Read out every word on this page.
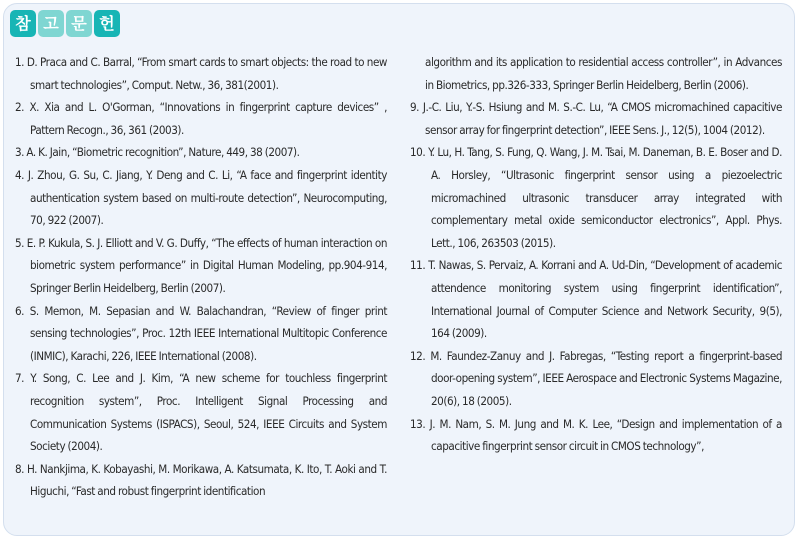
참 고 문 헌

1. D. Praca and C. Barral, “From smart cards to smart objects: the road to new smart technologies”, Comput. Netw., 36, 381(2001).

2. X. Xia and L. O'Gorman, “Innovations in fingerprint capture devices” , Pattern Recogn., 36, 361 (2003).

3. A. K. Jain, “Biometric recognition”, Nature, 449, 38 (2007).

4. J. Zhou, G. Su, C. Jiang, Y. Deng and C. Li, “A face and fingerprint identity authentication system based on multi-route detection”, Neurocomputing, 70, 922 (2007).

5. E. P. Kukula, S. J. Elliott and V. G. Duffy, “The effects of human interaction on biometric system performance” in Digital Human Modeling, pp.904-914, Springer Berlin Heidelberg, Berlin (2007).

6. S. Memon, M. Sepasian and W. Balachandran, “Review of finger print sensing technologies”, Proc. 12th IEEE International Multitopic Conference (INMIC), Karachi, 226, IEEE International (2008).

7. Y. Song, C. Lee and J. Kim, “A new scheme for touchless fingerprint recognition system”, Proc. Intelligent Signal Processing and Communication Systems (ISPACS), Seoul, 524, IEEE Circuits and System Society (2004).

8. H. Nankjima, K. Kobayashi, M. Morikawa, A. Katsumata, K. Ito, T. Aoki and T. Higuchi, “Fast and robust fingerprint identification

algorithm and its application to residential access controller”, in Advances in Biometrics, pp.326-333, Springer Berlin Heidelberg, Berlin (2006).

9. J.-C. Liu, Y.-S. Hsiung and M. S.-C. Lu, “A CMOS micromachined capacitive sensor array for fingerprint detection”, IEEE Sens. J., 12(5), 1004 (2012).

10. Y. Lu, H. Tang, S. Fung, Q. Wang, J. M. Tsai, M. Daneman, B. E. Boser and D. A. Horsley, “Ultrasonic fingerprint sensor using a piezoelectric micromachined ultrasonic transducer array integrated with complementary metal oxide semiconductor electronics”, Appl. Phys. Lett., 106, 263503 (2015).

11. T. Nawas, S. Pervaiz, A. Korrani and A. Ud-Din, “Development of academic attendence monitoring system using fingerprint identification”, International Journal of Computer Science and Network Security, 9(5), 164 (2009).

12. M. Faundez-Zanuy and J. Fabregas, “Testing report a fingerprint-based door-opening system”, IEEE Aerospace and Electronic Systems Magazine, 20(6), 18 (2005).

13. J. M. Nam, S. M. Jung and M. K. Lee, “Design and implementation of a capacitive fingerprint sensor circuit in CMOS technology”,
